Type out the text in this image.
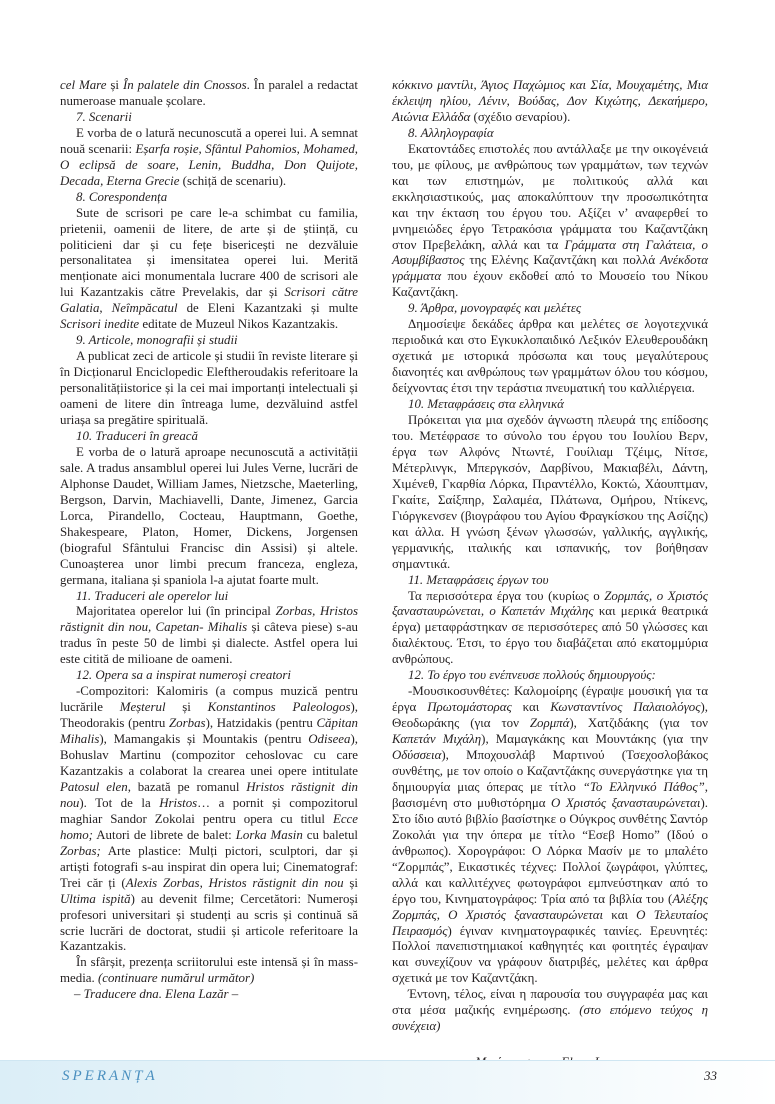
cel Mare și În palatele din Cnossos. În paralel a redactat numeroase manuale școlare.

7. Scenarii

E vorba de o latură necunoscută a operei lui. A semnat nouă scenarii: Eșarfa roșie, Sfântul Pahomios, Mohamed, O eclipsă de soare, Lenin, Buddha, Don Quijote, Decada, Eterna Grecie (schiță de scenariu).

8. Corespondența

Sute de scrisori pe care le-a schimbat cu familia, prietenii, oamenii de litere, de arte și de știință, cu politicieni dar și cu fețe bisericești ne dezvăluie personalitatea și imensitatea operei lui. Merită menționate aici monumentala lucrare 400 de scrisori ale lui Kazantzakis către Prevelakis, dar și Scrisori către Galatia, Neîmpăcatul de Eleni Kazantzaki și multe Scrisori inedite editate de Muzeul Nikos Kazantzakis.

9. Articole, monografii și studii

A publicat zeci de articole și studii în reviste literare și în Dicționarul Enciclopedic Eleftheroudakis referitoare la personalitățiistorice și la cei mai importanți intelectuali și oameni de litere din întreaga lume, dezvăluind astfel uriașa sa pregătire spirituală.

10. Traduceri în greacă

E vorba de o latură aproape necunoscută a activității sale. A tradus ansamblul operei lui Jules Verne, lucrări de Alphonse Daudet, William James, Nietzsche, Maeterling, Bergson, Darvin, Machiavelli, Dante, Jimenez, Garcia Lorca, Pirandello, Cocteau, Hauptmann, Goethe, Shakespeare, Platon, Homer, Dickens, Jorgensen (biograful Sfântului Francisc din Assisi) și altele. Cunoașterea unor limbi precum franceza, engleza, germana, italiana și spaniola l-a ajutat foarte mult.

11. Traduceri ale operelor lui

Majoritatea operelor lui (în principal Zorbas, Hristos răstignit din nou, Capetan- Mihalis și câteva piese) s-au tradus în peste 50 de limbi și dialecte. Astfel opera lui este citită de milioane de oameni.

12. Opera sa a inspirat numeroși creatori

-Compozitori: Kalomiris (a compus muzică pentru lucrările Meșterul și Konstantinos Paleologos), Theodorakis (pentru Zorbas), Hatzidakis (pentru Căpitan Mihalis), Mamangakis și Mountakis (pentru Odiseea), Bohuslav Martinu (compozitor cehoslovac cu care Kazantzakis a colaborat la crearea unei opere intitulate Patosul elen, bazată pe romanul Hristos răstignit din nou). Tot de la Hristos… a pornit și compozitorul maghiar Sandor Zokolai pentru opera cu titlul Ecce homo; Autori de librete de balet: Lorka Masin cu baletul Zorbas; Arte plastice: Mulți pictori, sculptori, dar și artiști fotografi s-au inspirat din opera lui; Cinematograf: Trei căr ți (Alexis Zorbas, Hristos răstignit din nou și Ultima ispită) au devenit filme; Cercetători: Numeroși profesori universitari și studenți au scris și continuă să scrie lucrări de doctorat, studii și articole referitoare la Kazantzakis.

În sfârșit, prezența scriitorului este intensă și în mass-media. (continuare numărul următor)

– Traducere dna. Elena Lazăr –

κόκκινο μαντίλι, Άγιος Παχώμιος και Σία, Μουχαμέτης, Μια έκλειψη ηλίου, Λένιν, Βούδας, Δον Κιχώτης, Δεκαήμερο, Αιώνια Ελλάδα (σχέδιο σεναρίου).

8. Αλληλογραφία

Εκατοντάδες επιστολές που αντάλλαξε με την οικογένειά του, με φίλους, με ανθρώπους των γραμμάτων, των τεχνών και των επιστημών, με πολιτικούς αλλά και εκκλησιαστικούς, μας αποκαλύπτουν την προσωπικότητα και την έκταση του έργου του. Αξίζει ν’ αναφερθεί το μνημειώδες έργο Τετρακόσια γράμματα του Καζαντζάκη στον Πρεβελάκη, αλλά και τα Γράμματα στη Γαλάτεια, ο Ασυμβίβαστος της Ελένης Καζαντζάκη και πολλά Ανέκδοτα γράμματα που έχουν εκδοθεί από το Μουσείο του Νίκου Καζαντζάκη.

9. Άρθρα, μονογραφές και μελέτες

Δημοσίεψε δεκάδες άρθρα και μελέτες σε λογοτεχνικά περιοδικά και στο Εγκυκλοπαιδικό Λεξικόν Ελευθερουδάκη σχετικά με ιστορικά πρόσωπα και τους μεγαλύτερους διανοητές και ανθρώπους των γραμμάτων όλου του κόσμου, δείχνοντας έτσι την τεράστια πνευματική του καλλιέργεια.

10. Μεταφράσεις στα ελληνικά

Πρόκειται για μια σχεδόν άγνωστη πλευρά της επίδοσης του. Μετέφρασε το σύνολο του έργου του Ιουλίου Βερν, έργα των Αλφόνς Ντωντέ, Γουίλιαμ Τζέιμς, Νίτσε, Μέτερλινγκ, Μπεργκσόν, Δαρβίνου, Μακιαβέλι, Δάντη, Χιμένεθ, Γκαρθία Λόρκα, Πιραντέλλο, Κοκτώ, Χάουπτμαν, Γκαίτε, Σαίξπηρ, Σαλαμέα, Πλάτωνα, Ομήρου, Ντίκενς, Γιόργκενσεν (βιογράφου του Αγίου Φραγκίσκου της Ασίζης) και άλλα. Η γνώση ξένων γλωσσών, γαλλικής, αγγλικής, γερμανικής, ιταλικής και ισπανικής, τον βοήθησαν σημαντικά.

11. Μεταφράσεις έργων του

Τα περισσότερα έργα του (κυρίως ο Ζορμπάς, ο Χριστός ξανασταυρώνεται, ο Καπετάν Μιχάλης και μερικά θεατρικά έργα) μεταφράστηκαν σε περισσότερες από 50 γλώσσες και διαλέκτους. Έτσι, το έργο του διαβάζεται από εκατομμύρια ανθρώπους.

12. Το έργο του ενέπνευσε πολλούς δημιουργούς:

-Μουσικοσυνθέτες: Καλομοίρης (έγραψε μουσική για τα έργα Πρωτομάστορας και Κωνσταντίνος Παλαιολόγος), Θεοδωράκης (για τον Ζορμπά), Χατζιδάκης (για τον Καπετάν Μιχάλη), Μαμαγκάκης και Μουντάκης (για την Οδύσσεια), Μποχουσλάβ Μαρτινού (Τσεχοσλοβάκος συνθέτης, με τον οποίο ο Καζαντζάκης συνεργάστηκε για τη δημιουργία μιας όπερας με τίτλο “Το Ελληνικό Πάθος”, βασισμένη στο μυθιστόρημα Ο Χριστός ξανασταυρώνεται). Στο ίδιο αυτό βιβλίο βασίστηκε ο Ούγκρος συνθέτης Σαντόρ Ζοκολάι για την όπερα με τίτλο “Εσεβ Ηοmο” (Ιδού ο άνθρωπος). Χορογράφοι: Ο Λόρκα Μασίν με το μπαλέτο “Ζορμπάς”, Εικαστικές τέχνες: Πολλοί ζωγράφοι, γλύπτες, αλλά και καλλιτέχνες φωτογράφοι εμπνεύστηκαν από το έργο του, Κινηματογράφος: Τρία από τα βιβλία του (Αλέξης Ζορμπάς, Ο Χριστός ξανασταυρώνεται και Ο Τελευταίος Πειρασμός) έγιναν κινηματογραφικές ταινίες. Ερευνητές: Πολλοί πανεπιστημιακοί καθηγητές και φοιτητές έγραψαν και συνεχίζουν να γράφουν διατριβές, μελέτες και άρθρα σχετικά με τον Καζαντζάκη.

Έντονη, τέλος, είναι η παρουσία του συγγραφέα μας και στα μέσα μαζικής ενημέρωσης. (στο επόμενο τεύχος η συνέχεια)

SPERANȚA	33
